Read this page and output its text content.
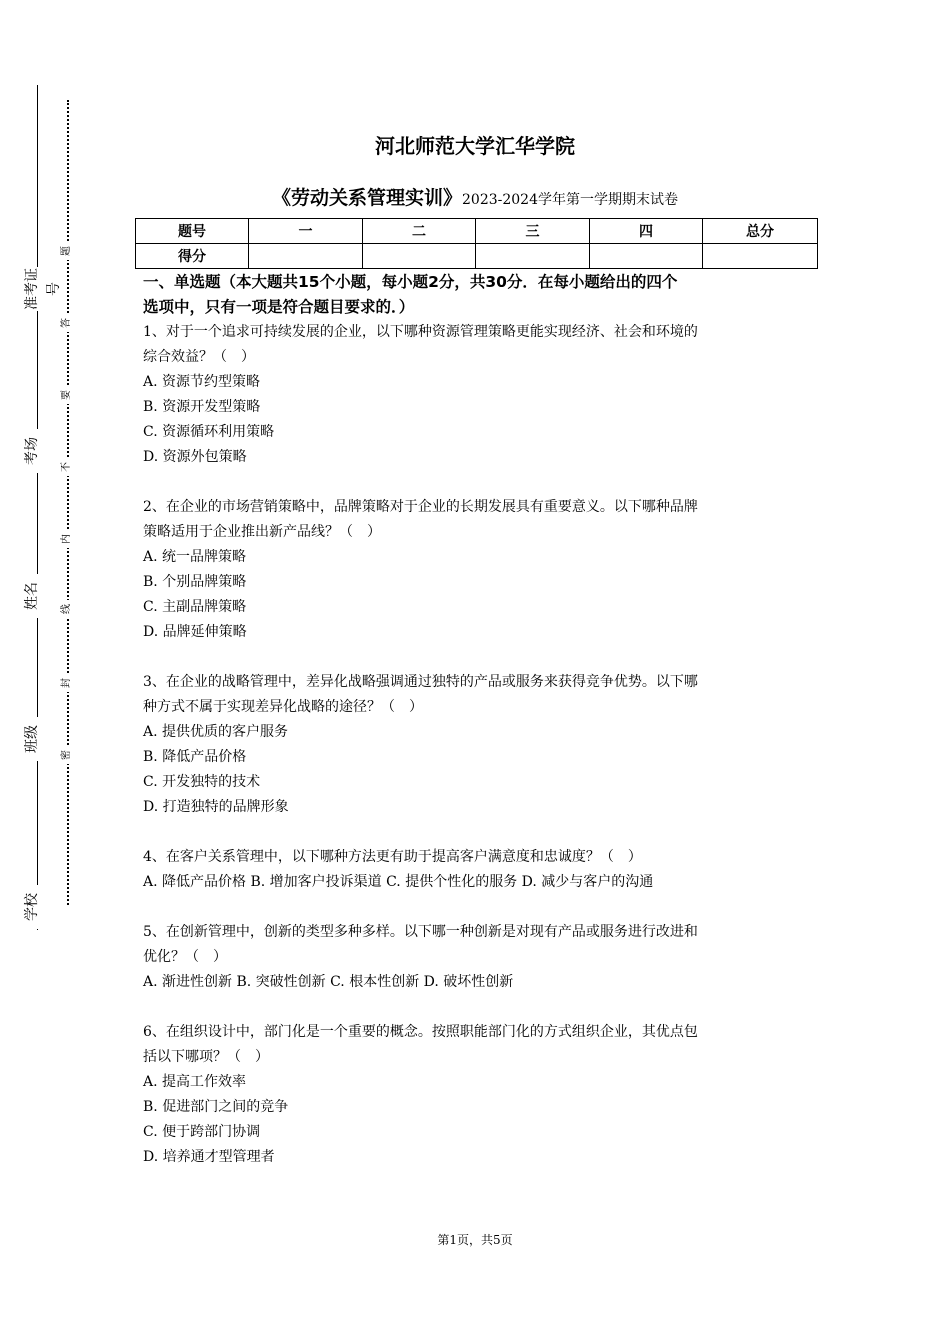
准考证号
考场
姓名
班级
学校
题
答
要
不
内
线
封
密
河北师范大学汇华学院
《劳动关系管理实训》2023-2024学年第一学期期末试卷
题号	一	二	三	四	总分
得分					
一、单选题（本大题共15个小题，每小题2分，共30分．在每小题给出的四个
选项中，只有一项是符合题目要求的．）
1、对于一个追求可持续发展的企业，以下哪种资源管理策略更能实现经济、社会和环境的
综合效益？（　）
A. 资源节约型策略
B. 资源开发型策略
C. 资源循环利用策略
D. 资源外包策略
2、在企业的市场营销策略中，品牌策略对于企业的长期发展具有重要意义。以下哪种品牌
策略适用于企业推出新产品线？（　）
A. 统一品牌策略
B. 个别品牌策略
C. 主副品牌策略
D. 品牌延伸策略
3、在企业的战略管理中，差异化战略强调通过独特的产品或服务来获得竞争优势。以下哪
种方式不属于实现差异化战略的途径？（　）
A. 提供优质的客户服务
B. 降低产品价格
C. 开发独特的技术
D. 打造独特的品牌形象
4、在客户关系管理中，以下哪种方法更有助于提高客户满意度和忠诚度？（　）
A. 降低产品价格 B. 增加客户投诉渠道 C. 提供个性化的服务 D. 减少与客户的沟通
5、在创新管理中，创新的类型多种多样。以下哪一种创新是对现有产品或服务进行改进和
优化？（　）
A. 渐进性创新 B. 突破性创新 C. 根本性创新 D. 破坏性创新
6、在组织设计中，部门化是一个重要的概念。按照职能部门化的方式组织企业，其优点包
括以下哪项？（　）
A. 提高工作效率
B. 促进部门之间的竞争
C. 便于跨部门协调
D. 培养通才型管理者
第1页，共5页
